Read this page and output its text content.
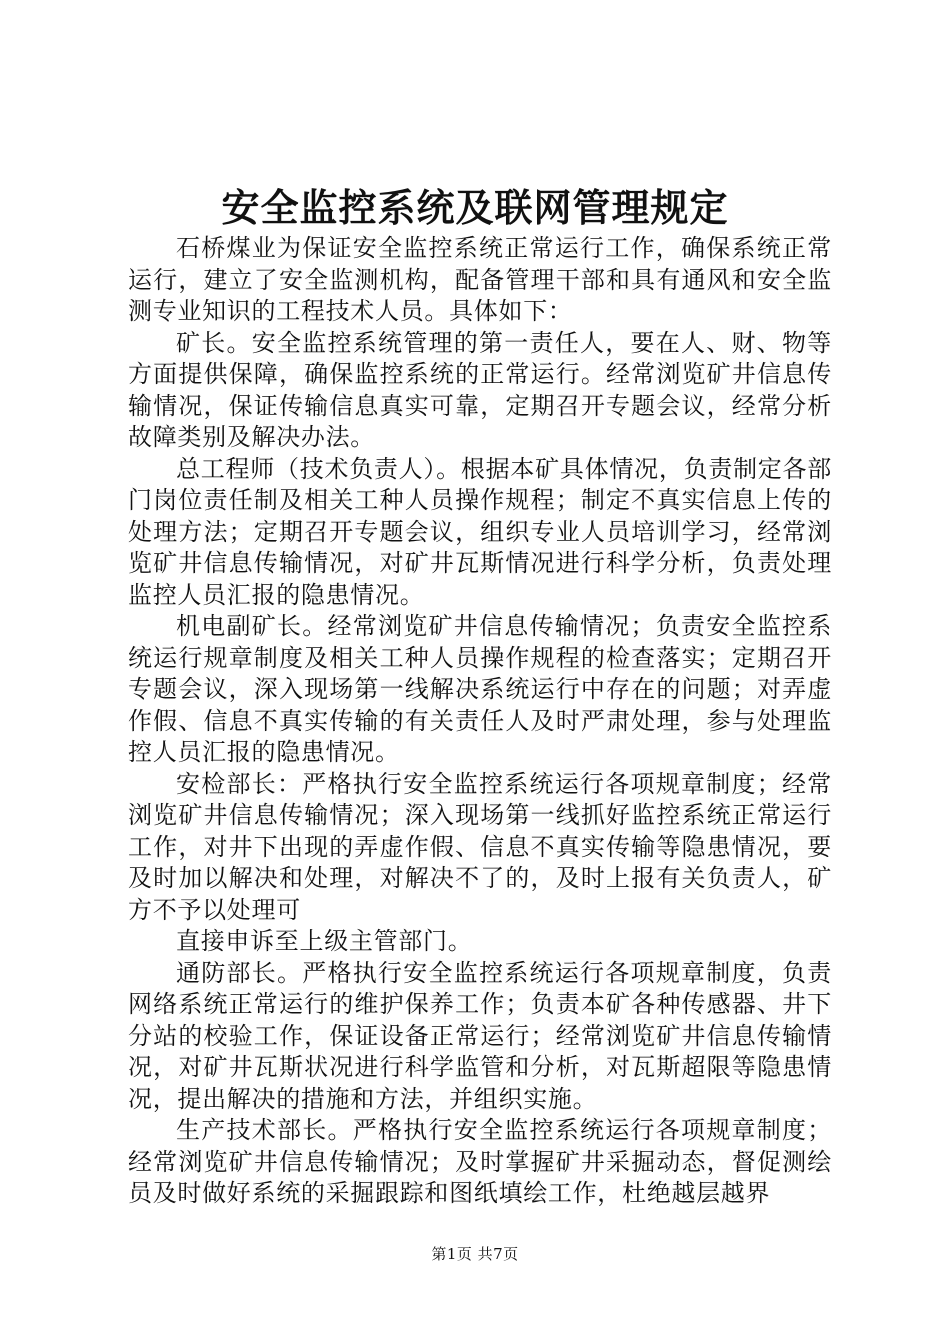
安全监控系统及联网管理规定

石桥煤业为保证安全监控系统正常运行工作，确保系统正常运行，建立了安全监测机构，配备管理干部和具有通风和安全监测专业知识的工程技术人员。具体如下：

矿长。安全监控系统管理的第一责任人，要在人、财、物等方面提供保障，确保监控系统的正常运行。经常浏览矿井信息传输情况，保证传输信息真实可靠，定期召开专题会议，经常分析故障类别及解决办法。

总工程师（技术负责人）。根据本矿具体情况，负责制定各部门岗位责任制及相关工种人员操作规程；制定不真实信息上传的处理方法；定期召开专题会议，组织专业人员培训学习，经常浏览矿井信息传输情况，对矿井瓦斯情况进行科学分析，负责处理监控人员汇报的隐患情况。

机电副矿长。经常浏览矿井信息传输情况；负责安全监控系统运行规章制度及相关工种人员操作规程的检查落实；定期召开专题会议，深入现场第一线解决系统运行中存在的问题；对弄虚作假、信息不真实传输的有关责任人及时严肃处理，参与处理监控人员汇报的隐患情况。

安检部长：严格执行安全监控系统运行各项规章制度；经常浏览矿井信息传输情况；深入现场第一线抓好监控系统正常运行工作，对井下出现的弄虚作假、信息不真实传输等隐患情况，要及时加以解决和处理，对解决不了的，及时上报有关负责人，矿方不予以处理可

直接申诉至上级主管部门。

通防部长。严格执行安全监控系统运行各项规章制度，负责网络系统正常运行的维护保养工作；负责本矿各种传感器、井下分站的校验工作，保证设备正常运行；经常浏览矿井信息传输情况，对矿井瓦斯状况进行科学监管和分析，对瓦斯超限等隐患情况，提出解决的措施和方法，并组织实施。

生产技术部长。严格执行安全监控系统运行各项规章制度；经常浏览矿井信息传输情况；及时掌握矿井采掘动态，督促测绘员及时做好系统的采掘跟踪和图纸填绘工作，杜绝越层越界

第1页 共7页
